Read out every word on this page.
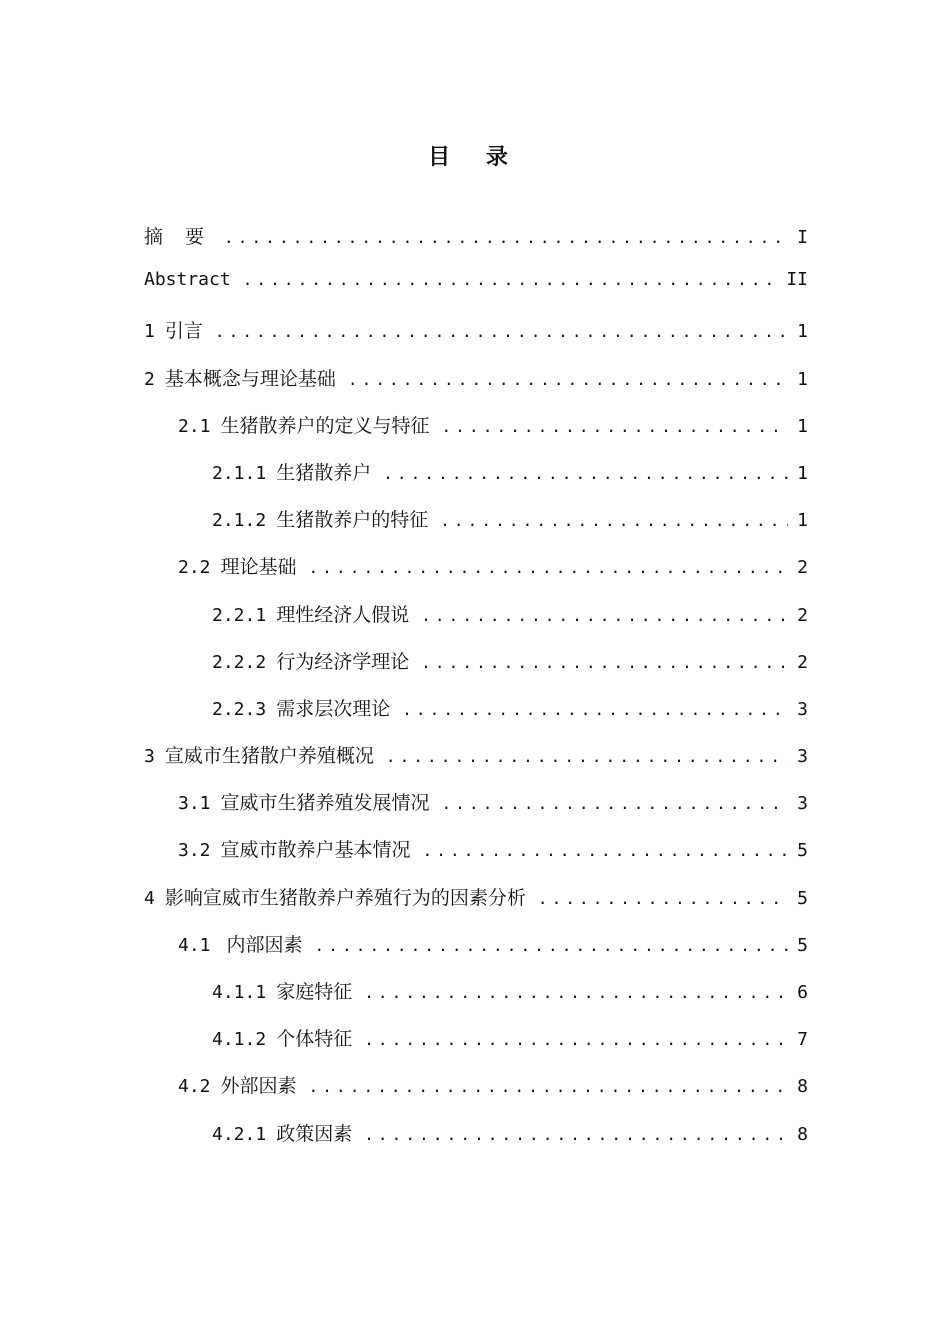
目 录
摘 要 .....	I
Abstract .....	II
1 引言 .....	1
2 基本概念与理论基础 .....	1
2.1 生猪散养户的定义与特征 .....	1
2.1.1 生猪散养户 .....	1
2.1.2 生猪散养户的特征 .....	1
2.2 理论基础 .....	2
2.2.1 理性经济人假说 .....	2
2.2.2 行为经济学理论 .....	2
2.2.3 需求层次理论 .....	3
3 宣威市生猪散户养殖概况 .....	3
3.1 宣威市生猪养殖发展情况 .....	3
3.2 宣威市散养户基本情况 .....	5
4 影响宣威市生猪散养户养殖行为的因素分析 .....	5
4.1 内部因素 .....	5
4.1.1 家庭特征 .....	6
4.1.2 个体特征 .....	7
4.2 外部因素 .....	8
4.2.1 政策因素 .....	8
